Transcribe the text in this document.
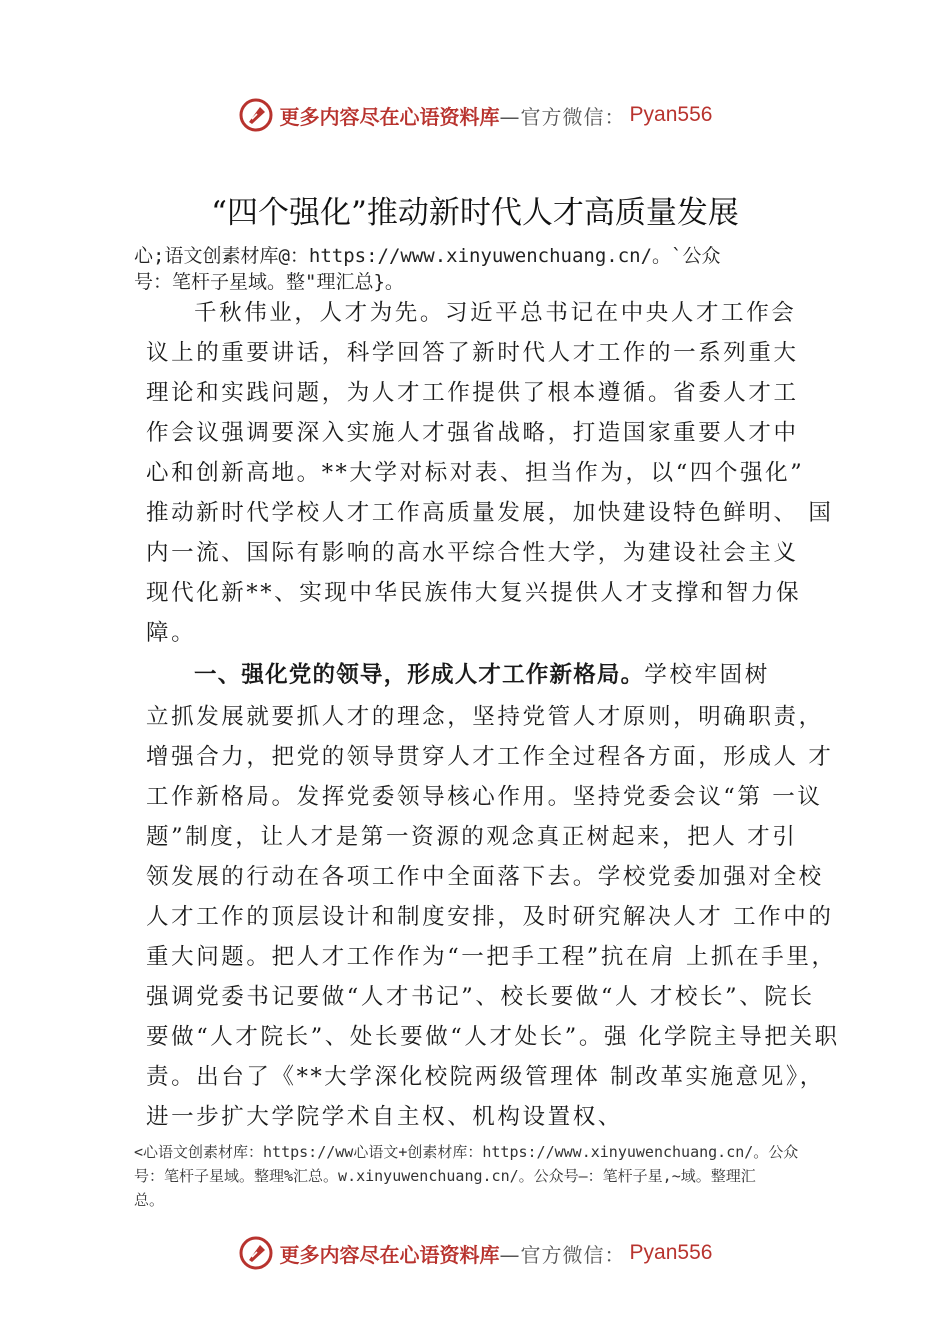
更多内容尽在心语资料库 —官方微信： Pyan556
“四个强化”推动新时代人才高质量发展
心;语文创素材库@：https://www.xinyuwenchuang.cn/。`公众
号：笔杆子星域。整"理汇总}。
千秋伟业，人才为先。习近平总书记在中央人才工作会
议上的重要讲话，科学回答了新时代人才工作的一系列重大
理论和实践问题，为人才工作提供了根本遵循。省委人才工
作会议强调要深入实施人才强省战略，打造国家重要人才中
心和创新高地。**大学对标对表、担当作为，以“四个强化”
推动新时代学校人才工作高质量发展，加快建设特色鲜明、 国
内一流、国际有影响的高水平综合性大学，为建设社会主义
现代化新**、实现中华民族伟大复兴提供人才支撑和智力保
障。
一、强化党的领导，形成人才工作新格局。学校牢固树
立抓发展就要抓人才的理念，坚持党管人才原则，明确职责，
增强合力，把党的领导贯穿人才工作全过程各方面，形成人 才
工作新格局。发挥党委领导核心作用。坚持党委会议“第 一议
题”制度，让人才是第一资源的观念真正树起来，把人 才引
领发展的行动在各项工作中全面落下去。学校党委加强对全校
人才工作的顶层设计和制度安排，及时研究解决人才 工作中的
重大问题。把人才工作作为“一把手工程”抗在肩 上抓在手里，
强调党委书记要做“人才书记”、校长要做“人 才校长”、院长
要做“人才院长”、处长要做“人才处长”。强 化学院主导把关职
责。出台了《**大学深化校院两级管理体 制改革实施意见》，
进一步扩大学院学术自主权、机构设置权、
<心语文创素材库：https://ww心语文+创素材库：https://www.xinyuwenchuang.cn/。公众
号：笔杆子星域。整理%汇总。w.xinyuwenchuang.cn/。公众号—：笔杆子星,~域。整理汇
总。
更多内容尽在心语资料库 —官方微信： Pyan556
